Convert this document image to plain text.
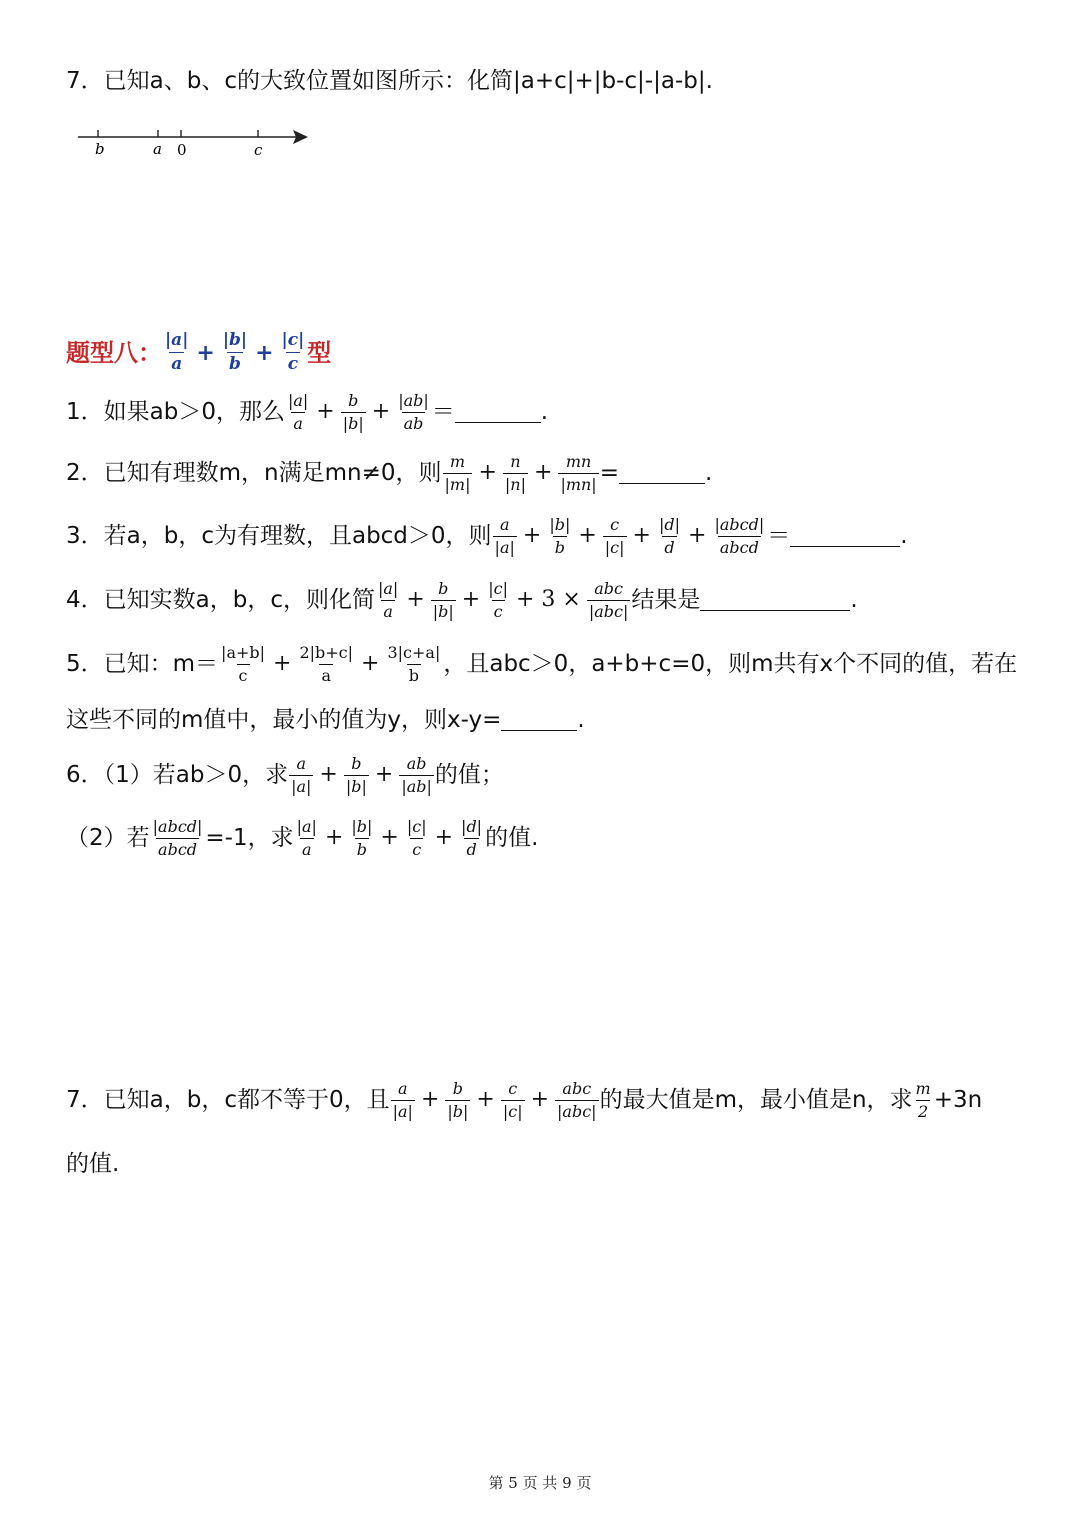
7．已知a、b、c的大致位置如图所示：化简|a+c|+|b-c|-|a-b|.
b	a 0	c
题型八： $\frac{|a|}{a} + \frac{|b|}{b} + \frac{|c|}{c}$ 型
1．如果ab＞0，那么 $\frac{|a|}{a} + \frac{b}{|b|} + \frac{|ab|}{ab}$ ＝	.
2．已知有理数m，n满足mn≠0，则 $\frac{m}{|m|} + \frac{n}{|n|} + \frac{mn}{|mn|}$ =	.
3．若a，b，c为有理数，且abcd＞0，则 $\frac{a}{|a|} + \frac{|b|}{b} + \frac{c}{|c|} + \frac{|d|}{d} + \frac{\text{|abcd|}}{\text{abcd}}$ ＝	.
4．已知实数a，b，c，则化简 $\frac{|a|}{a} + \frac{b}{|b|} + \frac{|c|}{c} + 3 \times \frac{\text{abc}}{\text{|abc|}}$ 结果是	.
5．已知：$m= \frac{|a+b|}{c} + \frac{2|b+c|}{a} + \frac{3|c+a|}{b}$ ，且abc＞0，a+b+c=0，则m共有x个不同的值，若在
这些不同的m值中，最小的值为y，则x-y=	.
6．（1）若ab＞0，求 $\frac{a}{|a|} + \frac{b}{|b|} + \frac{ab}{|ab|}$ 的值；
（2）若 $\frac{\text{|abcd|}}{\text{abcd}} =-1$，求 $\frac{|a|}{a} + \frac{|b|}{b} + \frac{|c|}{c} + \frac{|d|}{d}$ 的值.
7．已知a，b，c都不等于0，且 $\frac{a}{|a|} + \frac{b}{|b|} + \frac{c}{|c|} + \frac{\text{abc}}{\text{|abc|}}$ 的最大值是m，最小值是n，求 $\frac{m}{2} +3n$
的值.
第 5 页 共 9 页
